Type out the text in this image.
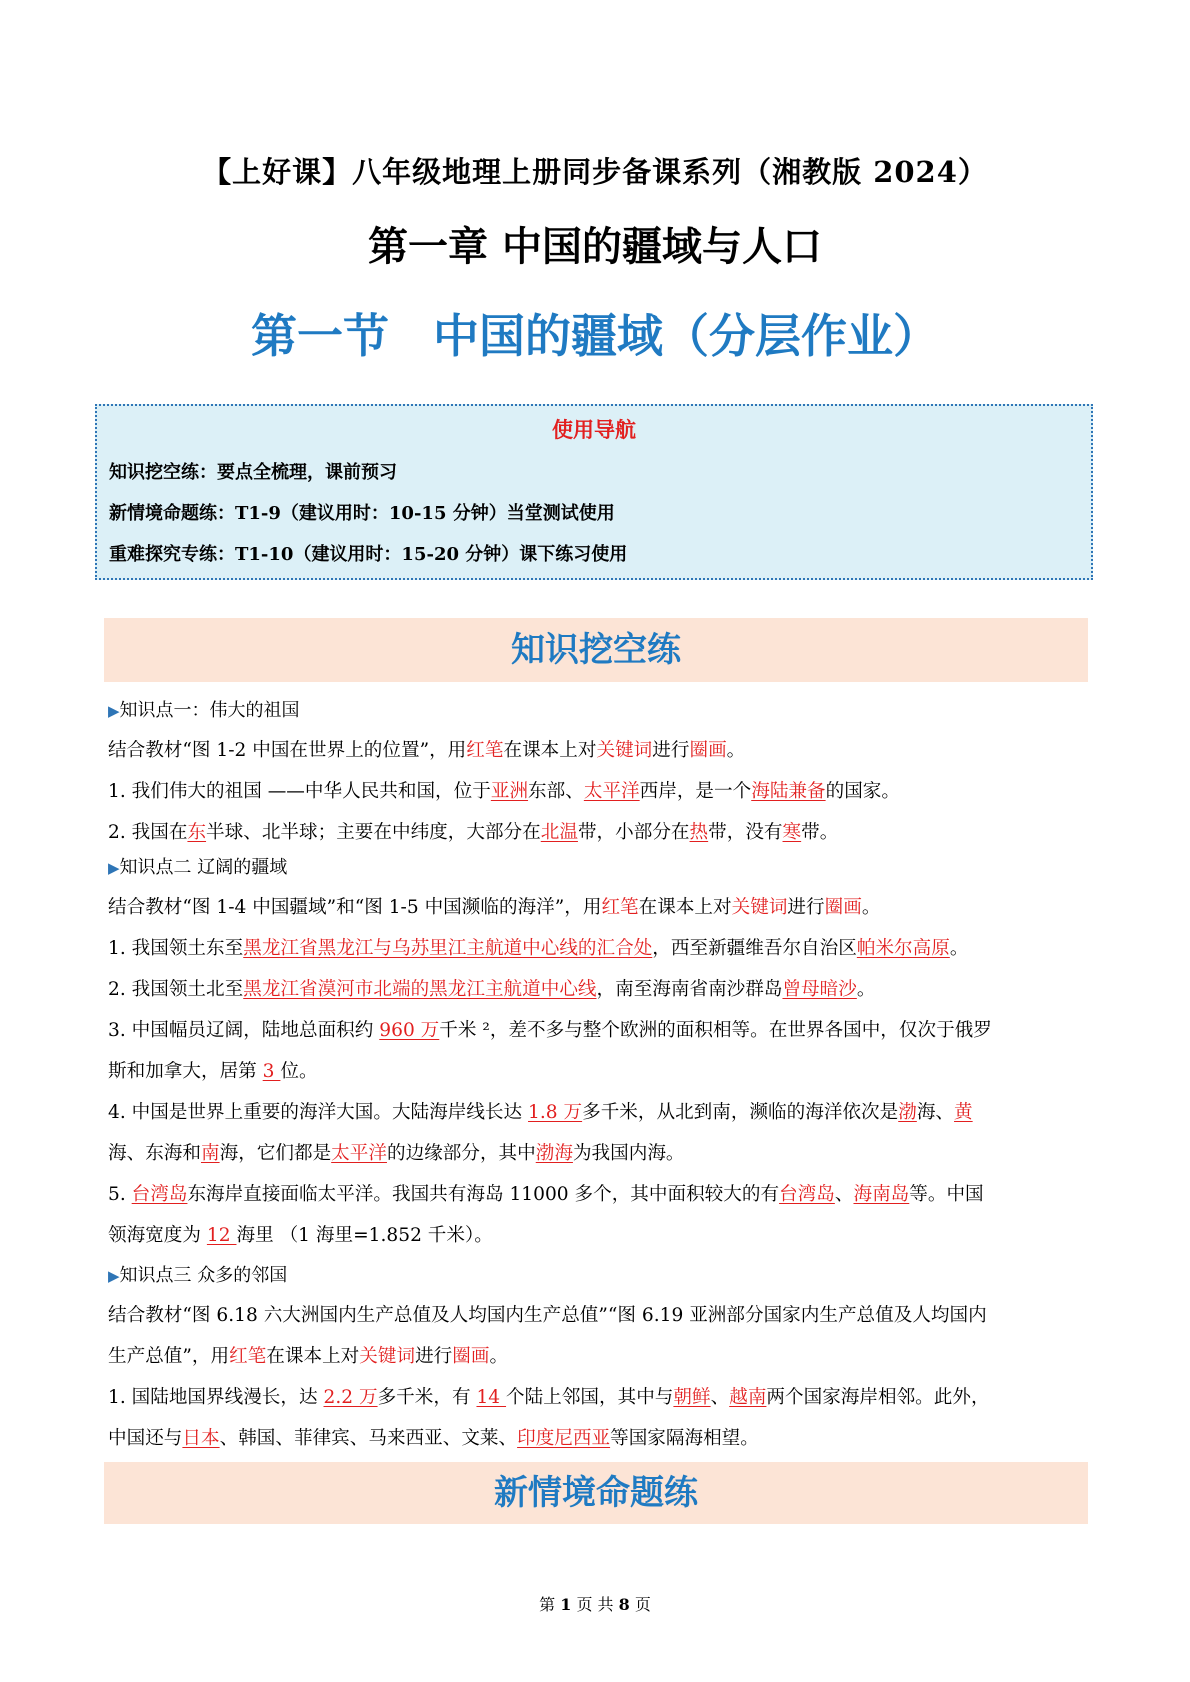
【上好课】八年级地理上册同步备课系列（湘教版 2024）
第一章 中国的疆域与人口
第一节 中国的疆域（分层作业）
使用导航
知识挖空练：要点全梳理，课前预习
新情境命题练：T1-9（建议用时：10-15 分钟）当堂测试使用
重难探究专练：T1-10（建议用时：15-20 分钟）课下练习使用
知识挖空练
▶知识点一：伟大的祖国
结合教材“图 1-2 中国在世界上的位置”，用红笔在课本上对关键词进行圈画。
1. 我们伟大的祖国 ——中华人民共和国，位于亚洲东部、太平洋西岸，是一个海陆兼备的国家。
2. 我国在东半球、北半球；主要在中纬度，大部分在北温带，小部分在热带，没有寒带。
▶知识点二 辽阔的疆域
结合教材“图 1-4 中国疆域”和“图 1-5 中国濒临的海洋”，用红笔在课本上对关键词进行圈画。
1. 我国领土东至黑龙江省黑龙江与乌苏里江主航道中心线的汇合处，西至新疆维吾尔自治区帕米尔高原。
2. 我国领土北至黑龙江省漠河市北端的黑龙江主航道中心线，南至海南省南沙群岛曾母暗沙。
3. 中国幅员辽阔，陆地总面积约 960 万千米 ²，差不多与整个欧洲的面积相等。在世界各国中，仅次于俄罗
斯和加拿大，居第 3 位。
4. 中国是世界上重要的海洋大国。大陆海岸线长达 1.8 万多千米，从北到南，濒临的海洋依次是渤海、黄
海、东海和南海，它们都是太平洋的边缘部分，其中渤海为我国内海。
5. 台湾岛东海岸直接面临太平洋。我国共有海岛 11000 多个，其中面积较大的有台湾岛、海南岛等。中国
领海宽度为 12 海里 （1 海里=1.852 千米）。
▶知识点三 众多的邻国
结合教材“图 6.18 六大洲国内生产总值及人均国内生产总值”“图 6.19 亚洲部分国家内生产总值及人均国内
生产总值”，用红笔在课本上对关键词进行圈画。
1. 国陆地国界线漫长，达 2.2 万多千米，有 14 个陆上邻国，其中与朝鲜、越南两个国家海岸相邻。此外，
中国还与日本、韩国、菲律宾、马来西亚、文莱、印度尼西亚等国家隔海相望。
新情境命题练
第 1 页 共 8 页
